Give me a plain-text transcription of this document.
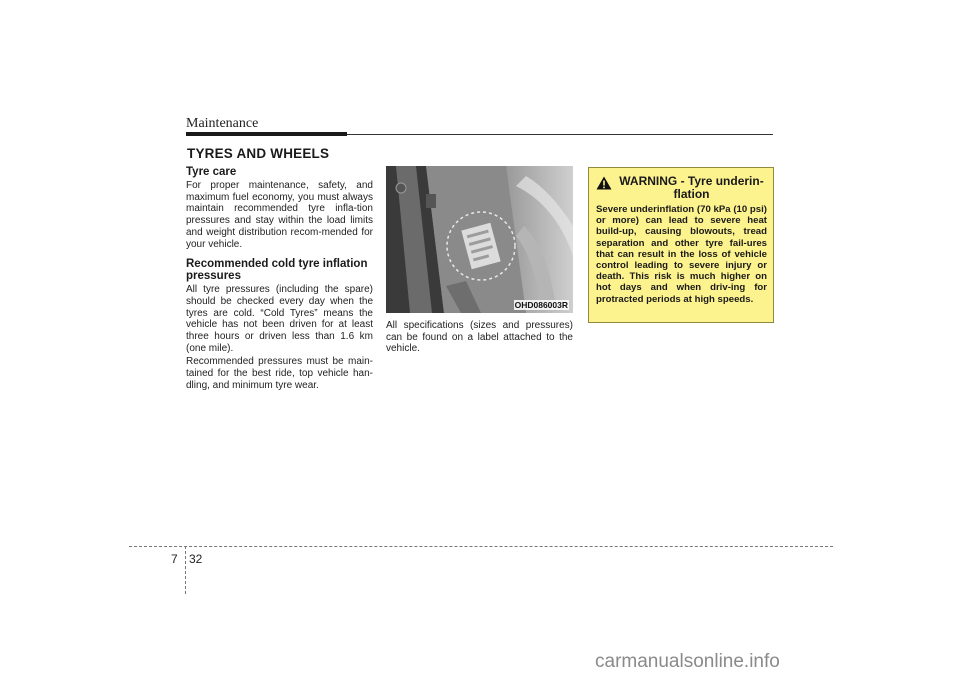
Maintenance
TYRES AND WHEELS
Tyre care

For proper maintenance, safety, and maximum fuel economy, you must always maintain recommended tyre infla-tion pressures and stay within the load limits and weight distribution recom-mended for your vehicle.

Recommended cold tyre inflation pressures

All tyre pressures (including the spare) should be checked every day when the tyres are cold. “Cold Tyres” means the vehicle has not been driven for at least three hours or driven less than 1.6 km (one mile).

Recommended pressures must be main-tained for the best ride, top vehicle han-dling, and minimum tyre wear.

OHD086003R

All specifications (sizes and pressures) can be found on a label attached to the vehicle.

WARNING - Tyre underin-flation

Severe underinflation (70 kPa (10 psi) or more) can lead to severe heat build-up, causing blowouts, tread separation and other tyre fail-ures that can result in the loss of vehicle control leading to severe injury or death. This risk is much higher on hot days and when driv-ing for protracted periods at high speeds.

7 32
carmanualsonline.info
